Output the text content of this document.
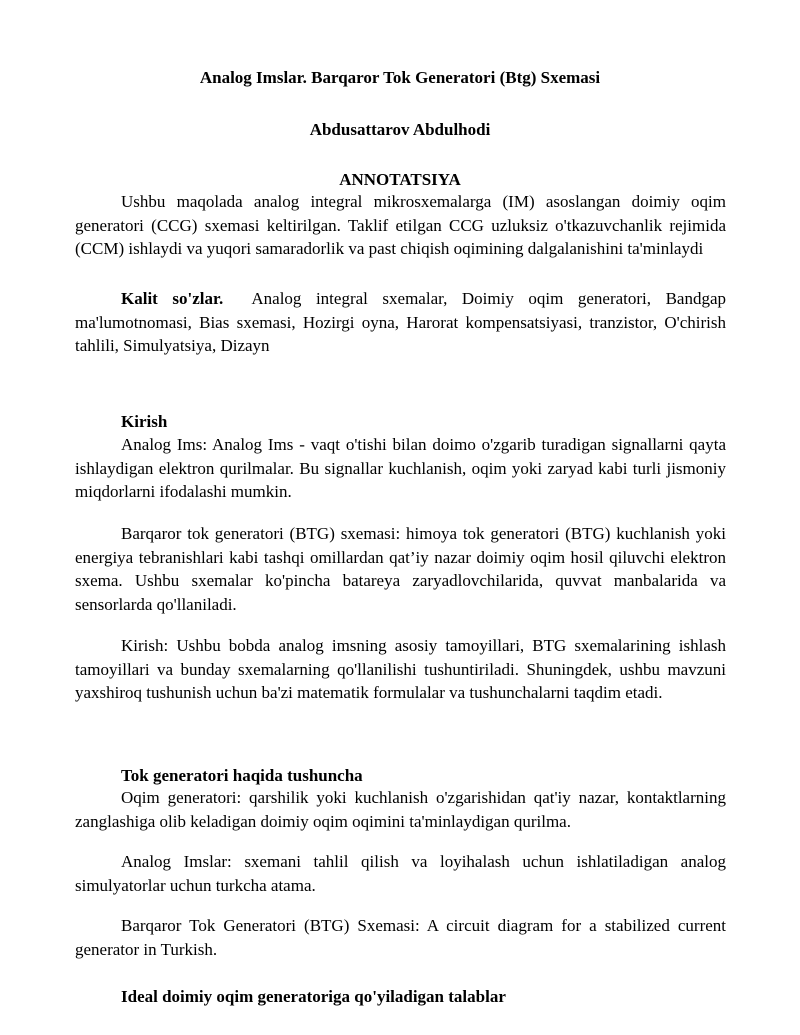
Analog Imslar. Barqaror Tok Generatori (Btg) Sxemasi
Abdusattarov Abdulhodi
ANNOTATSIYA
Ushbu maqolada analog integral mikrosxemalarga (IM) asoslangan doimiy oqim generatori (CCG) sxemasi keltirilgan. Taklif etilgan CCG uzluksiz o'tkazuvchanlik rejimida (CCM) ishlaydi va yuqori samaradorlik va past chiqish oqimining dalgalanishini ta'minlaydi
Kalit so'zlar. Analog integral sxemalar, Doimiy oqim generatori, Bandgap ma'lumotnomasi, Bias sxemasi, Hozirgi oyna, Harorat kompensatsiyasi, tranzistor, O'chirish tahlili, Simulyatsiya, Dizayn
Kirish
Analog Ims: Analog Ims - vaqt o'tishi bilan doimo o'zgarib turadigan signallarni qayta ishlaydigan elektron qurilmalar. Bu signallar kuchlanish, oqim yoki zaryad kabi turli jismoniy miqdorlarni ifodalashi mumkin.
Barqaror tok generatori (BTG) sxemasi: himoya tok generatori (BTG) kuchlanish yoki energiya tebranishlari kabi tashqi omillardan qat’iy nazar doimiy oqim hosil qiluvchi elektron sxema. Ushbu sxemalar ko'pincha batareya zaryadlovchilarida, quvvat manbalarida va sensorlarda qo'llaniladi.
Kirish: Ushbu bobda analog imsning asosiy tamoyillari, BTG sxemalarining ishlash tamoyillari va bunday sxemalarning qo'llanilishi tushuntiriladi. Shuningdek, ushbu mavzuni yaxshiroq tushunish uchun ba'zi matematik formulalar va tushunchalarni taqdim etadi.
Tok generatori haqida tushuncha
Oqim generatori: qarshilik yoki kuchlanish o'zgarishidan qat'iy nazar, kontaktlarning zanglashiga olib keladigan doimiy oqim oqimini ta'minlaydigan qurilma.
Analog Imslar: sxemani tahlil qilish va loyihalash uchun ishlatiladigan analog simulyatorlar uchun turkcha atama.
Barqaror Tok Generatori (BTG) Sxemasi: A circuit diagram for a stabilized current generator in Turkish.
Ideal doimiy oqim generatoriga qo'yiladigan talablar
